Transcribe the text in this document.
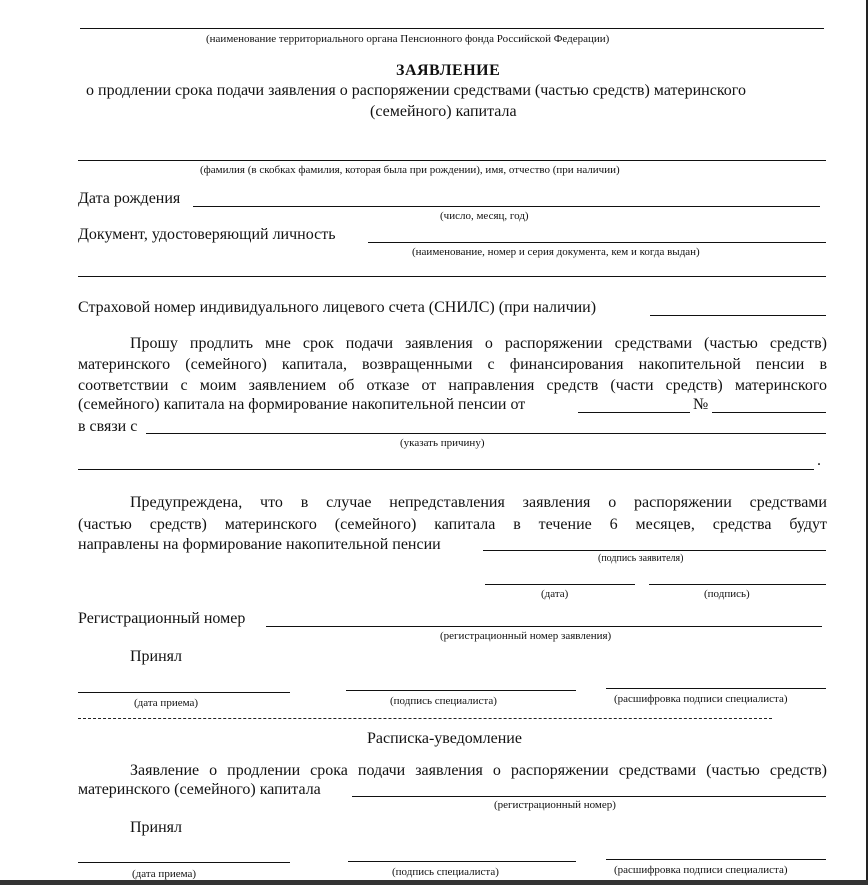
(наименование территориального органа Пенсионного фонда Российской Федерации)
ЗАЯВЛЕНИЕ
о продлении срока подачи заявления о распоряжении средствами (частью средств) материнского
(семейного) капитала
(фамилия (в скобках фамилия, которая была при рождении), имя, отчество (при наличии)
Дата рождения
(число, месяц, год)
Документ, удостоверяющий личность
(наименование, номер и серия документа, кем и когда выдан)
Страховой номер индивидуального лицевого счета (СНИЛС) (при наличии)
Прошу продлить мне срок подачи заявления о распоряжении средствами (частью средств)
материнского (семейного) капитала, возвращенными с финансирования накопительной пенсии в
соответствии с моим заявлением об отказе от направления средств (части средств) материнского
(семейного) капитала на формирование накопительной пенсии от	№
в связи с
(указать причину)
.
Предупреждена, что в случае непредставления заявления о распоряжении средствами
(частью средств) материнского (семейного) капитала в течение 6 месяцев, средства будут
направлены на формирование накопительной пенсии
(подпись заявителя)
(дата)	(подпись)
Регистрационный номер
(регистрационный номер заявления)
Принял
(дата приема)	(подпись специалиста)	(расшифровка подписи специалиста)
Расписка-уведомление
Заявление о продлении срока подачи заявления о распоряжении средствами (частью средств)
материнского (семейного) капитала
(регистрационный номер)
Принял
(дата приема)	(подпись специалиста)	(расшифровка подписи специалиста)
